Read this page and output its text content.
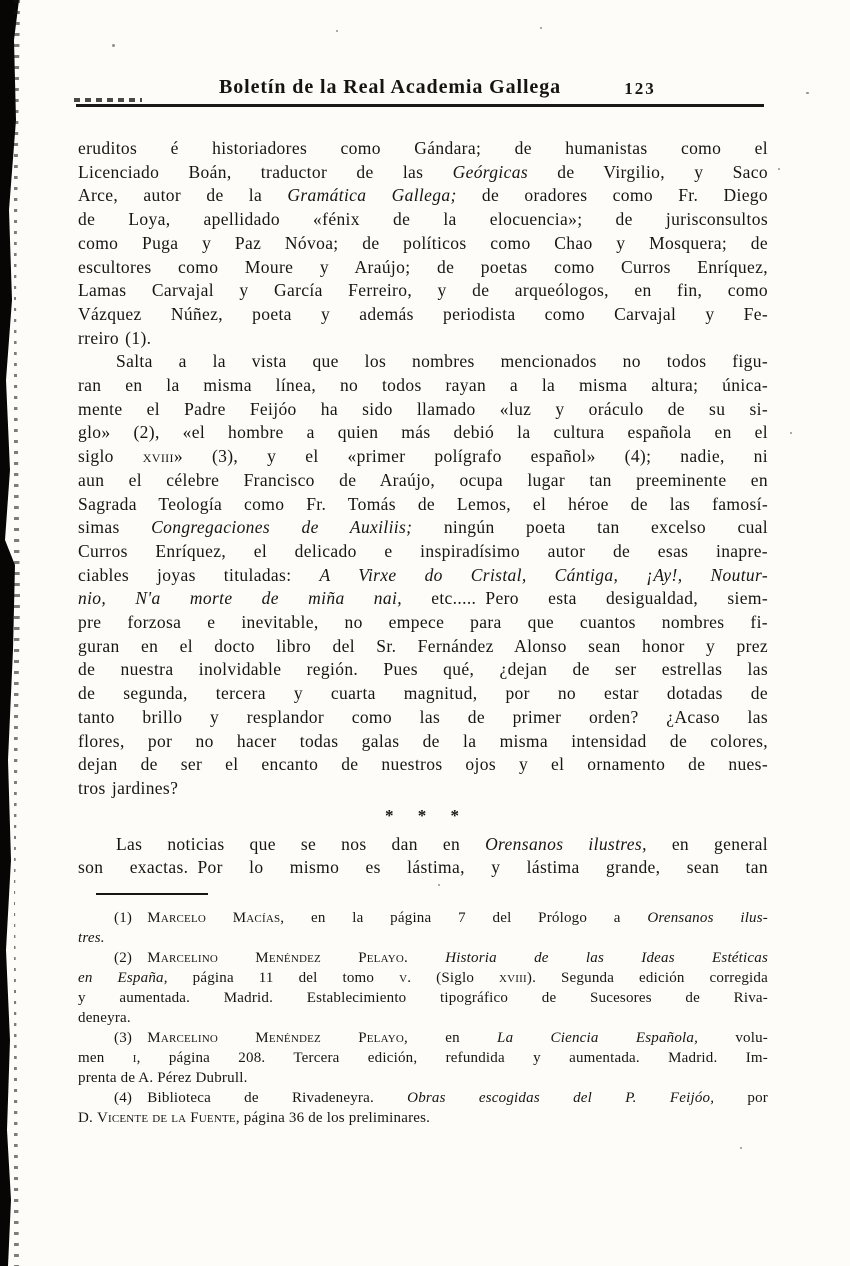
Boletín de la Real Academia Gallega	123
eruditos é historiadores como Gándara; de humanistas como el
Licenciado Boán, traductor de las Geórgicas de Virgilio, y Saco
Arce, autor de la Gramática Gallega; de oradores como Fr. Diego
de Loya, apellidado «fénix de la elocuencia»; de jurisconsultos
como Puga y Paz Nóvoa; de políticos como Chao y Mosquera; de
escultores como Moure y Araújo; de poetas como Curros Enríquez,
Lamas Carvajal y García Ferreiro, y de arqueólogos, en fin, como
Vázquez Núñez, poeta y además periodista como Carvajal y Fe-
rreiro (1).
Salta a la vista que los nombres mencionados no todos figu-
ran en la misma línea, no todos rayan a la misma altura; única-
mente el Padre Feijóo ha sido llamado «luz y oráculo de su si-
glo» (2), «el hombre a quien más debió la cultura española en el
siglo xviii» (3), y el «primer polígrafo español» (4); nadie, ni
aun el célebre Francisco de Araújo, ocupa lugar tan preeminente en
Sagrada Teología como Fr. Tomás de Lemos, el héroe de las famosí-
simas Congregaciones de Auxiliis; ningún poeta tan excelso cual
Curros Enríquez, el delicado e inspiradísimo autor de esas inapre-
ciables joyas tituladas: A Virxe do Cristal, Cántiga, ¡Ay!, Noutur-
nio, N'a morte de miña nai, etc..... Pero esta desigualdad, siem-
pre forzosa e inevitable, no empece para que cuantos nombres fi-
guran en el docto libro del Sr. Fernández Alonso sean honor y prez
de nuestra inolvidable región. Pues qué, ¿dejan de ser estrellas las
de segunda, tercera y cuarta magnitud, por no estar dotadas de
tanto brillo y resplandor como las de primer orden? ¿Acaso las
flores, por no hacer todas galas de la misma intensidad de colores,
dejan de ser el encanto de nuestros ojos y el ornamento de nues-
tros jardines?
* * *
Las noticias que se nos dan en Orensanos ilustres, en general
son exactas. Por lo mismo es lástima, y lástima grande, sean tan
(1) Marcelo Macías, en la página 7 del Prólogo a Orensanos ilus-
tres.
(2) Marcelino Menéndez Pelayo. Historia de las Ideas Estéticas
en España, página 11 del tomo v. (Siglo xviii). Segunda edición corregida
y aumentada. Madrid. Establecimiento tipográfico de Sucesores de Riva-
deneyra.
(3) Marcelino Menéndez Pelayo, en La Ciencia Española, volu-
men i, página 208. Tercera edición, refundida y aumentada. Madrid. Im-
prenta de A. Pérez Dubrull.
(4) Biblioteca de Rivadeneyra. Obras escogidas del P. Feijóo, por
D. Vicente de la Fuente, página 36 de los preliminares.
